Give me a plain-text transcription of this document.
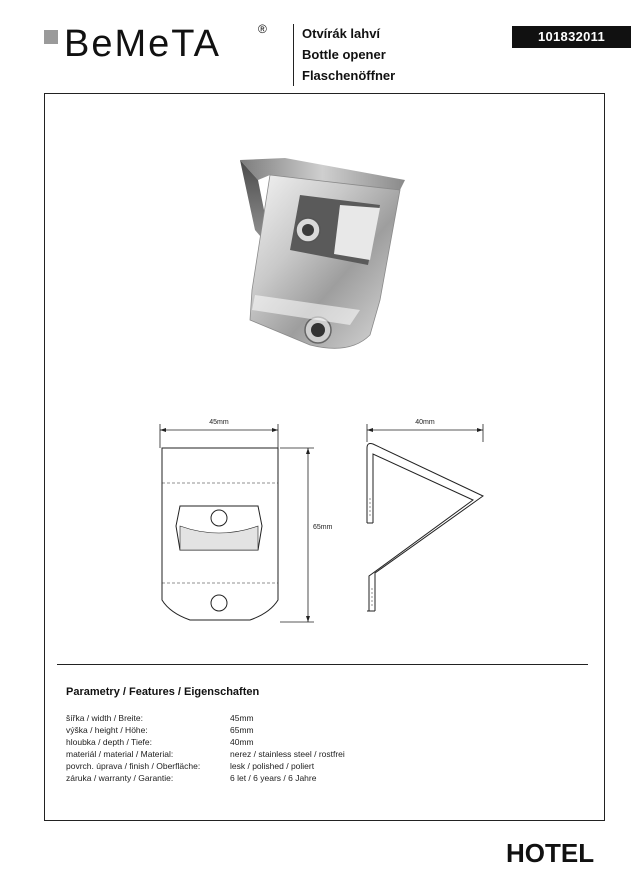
BeMeTA	®	Otvírák lahví
Bottle opener
Flaschenöffner
101832011
45mm
65mm
40mm
Parametry / Features / Eigenschaften
šířka / width / Breite:	45mm
výška / height / Höhe:	65mm
hloubka / depth / Tiefe:	40mm
materiál / material / Material:	nerez / stainless steel / rostfrei
povrch. úprava / finish / Oberfläche:	lesk / polished / poliert
záruka / warranty / Garantie:	6 let / 6 years / 6 Jahre
HOTEL
